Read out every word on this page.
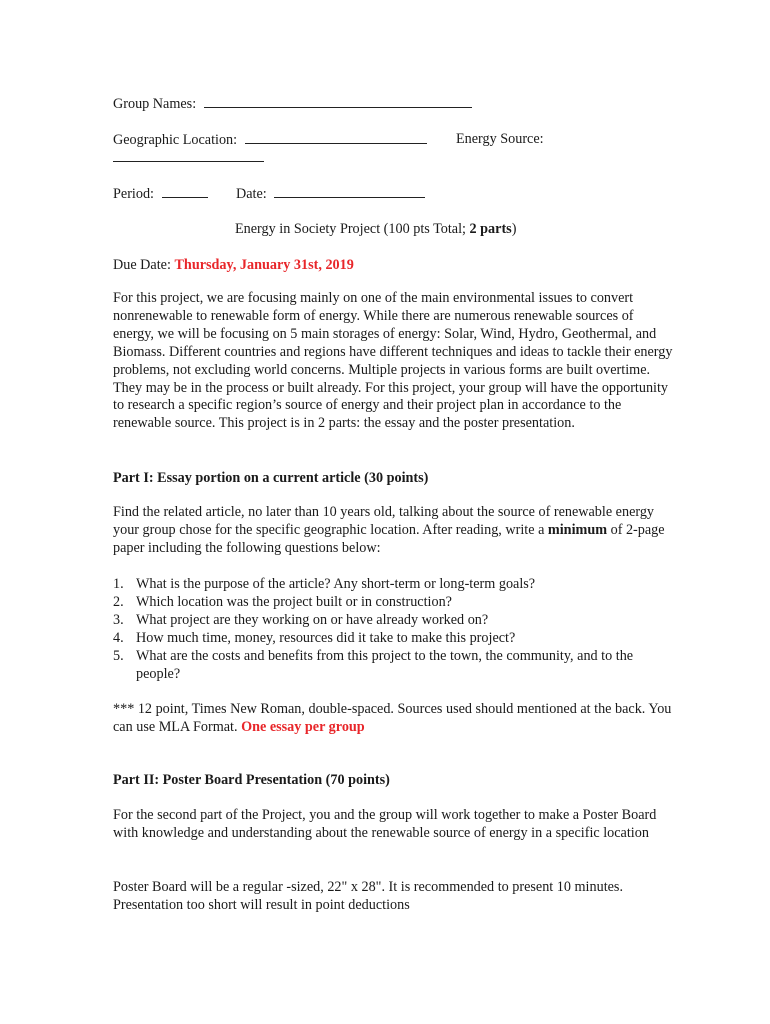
Group Names:
Geographic Location:	Energy Source:
Period:	Date:
Energy in Society Project (100 pts Total; 2 parts)
Due Date: Thursday, January 31st, 2019
For this project, we are focusing mainly on one of the main environmental issues to convert nonrenewable to renewable form of energy. While there are numerous renewable sources of energy, we will be focusing on 5 main storages of energy: Solar, Wind, Hydro, Geothermal, and Biomass. Different countries and regions have different techniques and ideas to tackle their energy problems, not excluding world concerns. Multiple projects in various forms are built overtime. They may be in the process or built already. For this project, your group will have the opportunity to research a specific region’s source of energy and their project plan in accordance to the renewable source. This project is in 2 parts: the essay and the poster presentation.
Part I: Essay portion on a current article (30 points)
Find the related article, no later than 10 years old, talking about the source of renewable energy your group chose for the specific geographic location. After reading, write a minimum of 2-page paper including the following questions below:
1. What is the purpose of the article? Any short-term or long-term goals?
2. Which location was the project built or in construction?
3. What project are they working on or have already worked on?
4. How much time, money, resources did it take to make this project?
5. What are the costs and benefits from this project to the town, the community, and to the people?
*** 12 point, Times New Roman, double-spaced. Sources used should mentioned at the back. You can use MLA Format. One essay per group
Part II: Poster Board Presentation (70 points)
For the second part of the Project, you and the group will work together to make a Poster Board with knowledge and understanding about the renewable source of energy in a specific location
Poster Board will be a regular -sized, 22" x 28". It is recommended to present 10 minutes. Presentation too short will result in point deductions
